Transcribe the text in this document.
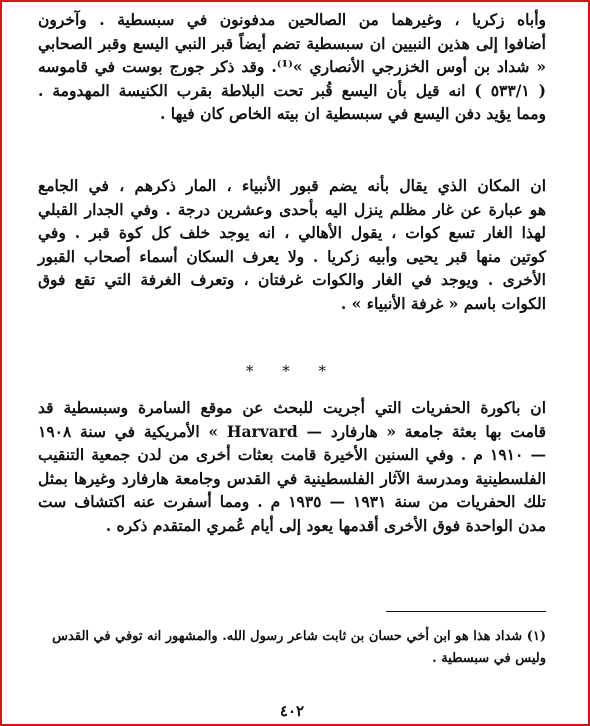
وأباه زكريا ، وغيرهما من الصالحين مدفونون في سبسطية . وآخرون
أضافوا إلى هذين النبيين ان سبسطية تضم أيضاً قبر النبي اليسع وقبر الصحابي
« شداد بن أوس الخزرجي الأنصاري »⁽¹⁾. وقد ذكر جورج بوست في قاموسه
( ٥٣٣/١ ) انه قيل بأن اليسع قُبر تحت البلاطة بقرب الكنيسة المهدومة .
ومما يؤيد دفن اليسع في سبسطية ان بيته الخاص كان فيها .

ان المكان الذي يقال بأنه يضم قبور الأنبياء ، المار ذكرهم ، في الجامع
هو عبارة عن غار مظلم ينزل اليه بأحدى وعشرين درجة . وفي الجدار القبلي
لهذا الغار تسع كوات ، يقول الأهالي ، انه يوجد خلف كل كوة قبر . وفي
كوتين منها قبر يحيى وأبيه زكريا . ولا يعرف السكان أسماء أصحاب القبور
الأخرى . ويوجد في الغار والكوات غرفتان ، وتعرف الغرفة التي تقع فوق
الكوات باسم « غرفة الأنبياء » .

* * *

ان باكورة الحفريات التي أجريت للبحث عن موقع السامرة وسبسطية قد
قامت بها بعثة جامعة « هارفارد — Harvard » الأمريكية في سنة ١٩٠٨
— ١٩١٠ م . وفي السنين الأخيرة قامت بعثات أخرى من لدن جمعية التنقيب
الفلسطينية ومدرسة الآثار الفلسطينية في القدس وجامعة هارفارد وغيرها بمثل
تلك الحفريات من سنة ١٩٣١ — ١٩٣٥ م . ومما أسفرت عنه اكتشاف ست
مدن الواحدة فوق الأخرى أقدمها يعود إلى أيام عُمري المتقدم ذكره .

(١) شداد هذا هو ابن أخي حسان بن ثابت شاعر رسول الله. والمشهور انه توفي في القدس
وليس في سبسطية .
٤٠٢
